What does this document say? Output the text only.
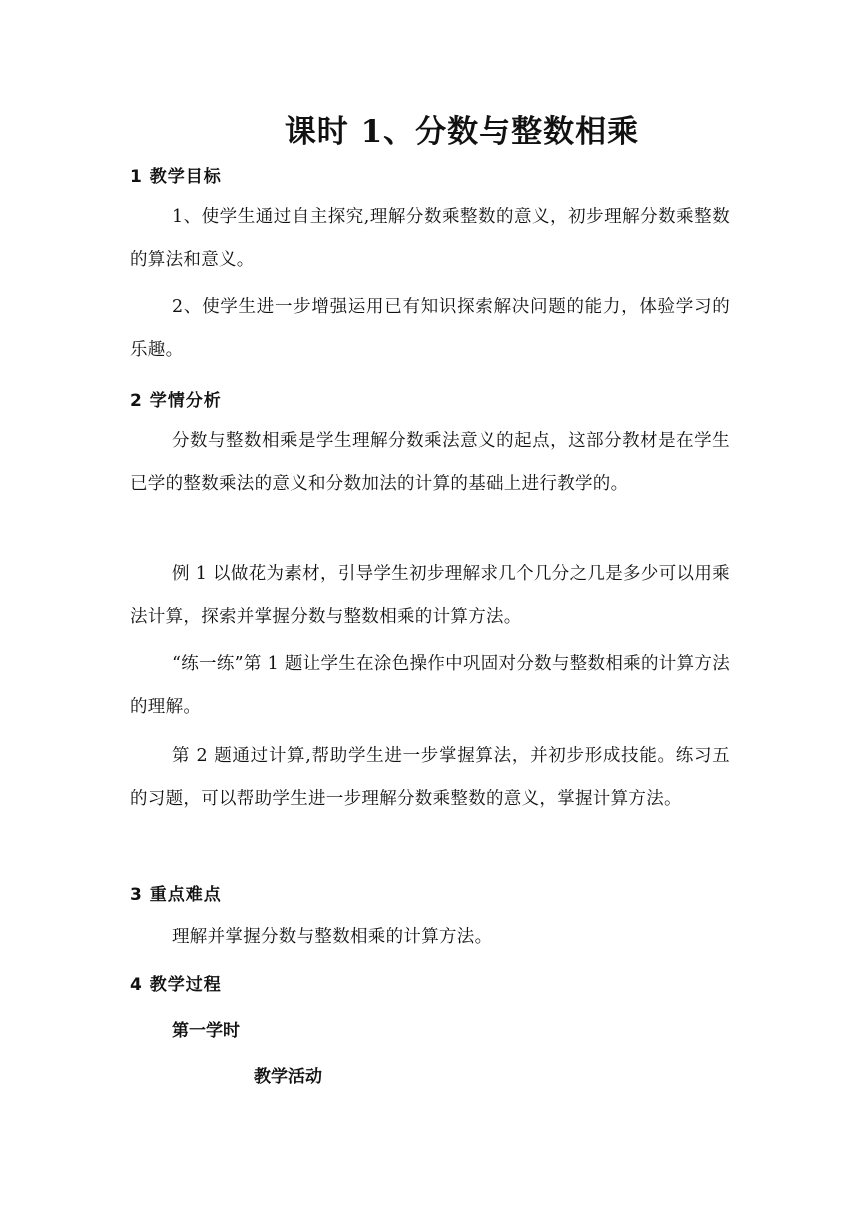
课时 1、分数与整数相乘
1 教学目标
1、使学生通过自主探究,理解分数乘整数的意义，初步理解分数乘整数的算法和意义。
2、使学生进一步增强运用已有知识探索解决问题的能力，体验学习的乐趣。
2 学情分析
分数与整数相乘是学生理解分数乘法意义的起点，这部分教材是在学生已学的整数乘法的意义和分数加法的计算的基础上进行教学的。
例 1 以做花为素材，引导学生初步理解求几个几分之几是多少可以用乘法计算，探索并掌握分数与整数相乘的计算方法。
“练一练”第 1 题让学生在涂色操作中巩固对分数与整数相乘的计算方法的理解。
第 2 题通过计算,帮助学生进一步掌握算法，并初步形成技能。练习五的习题，可以帮助学生进一步理解分数乘整数的意义，掌握计算方法。
3 重点难点
理解并掌握分数与整数相乘的计算方法。
4 教学过程
第一学时
教学活动
